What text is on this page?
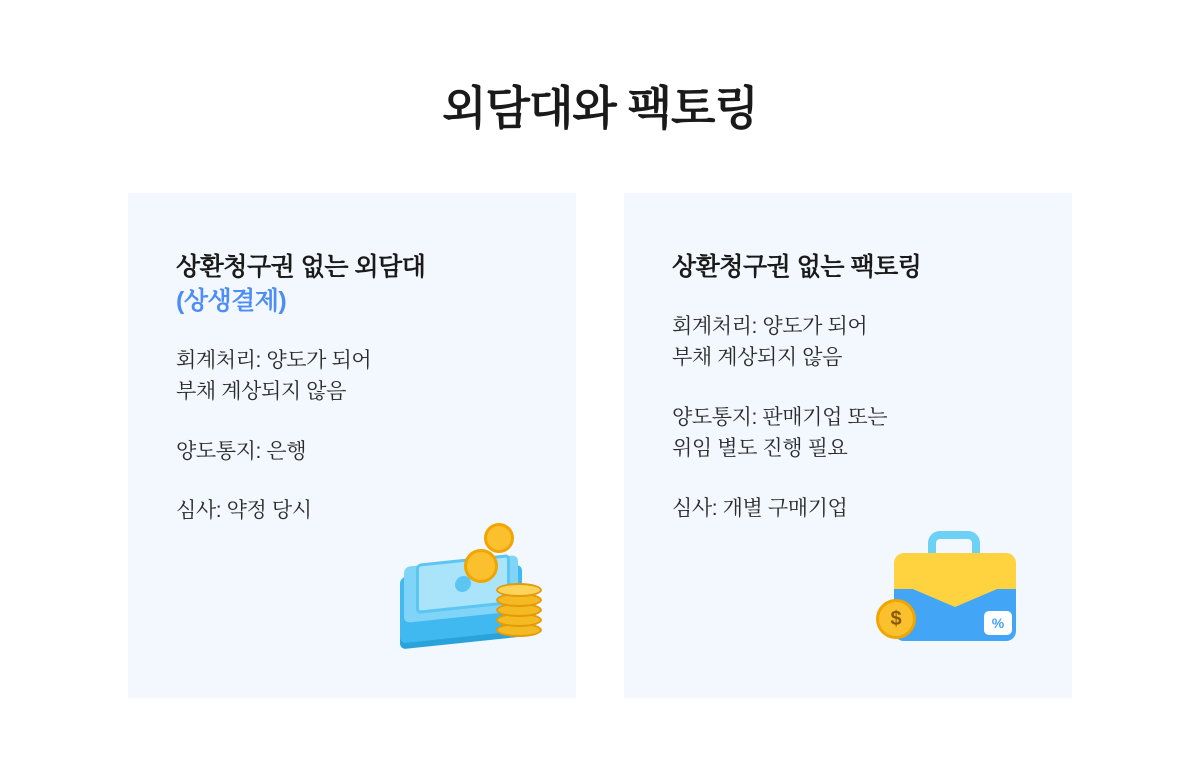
외담대와 팩토링
상환청구권 없는 외담대
(상생결제)
회계처리: 양도가 되어
부채 계상되지 않음
양도통지: 은행
심사: 약정 당시
상환청구권 없는 팩토링
회계처리: 양도가 되어
부채 계상되지 않음
양도통지: 판매기업 또는
위임 별도 진행 필요
심사: 개별 구매기업
$	%
